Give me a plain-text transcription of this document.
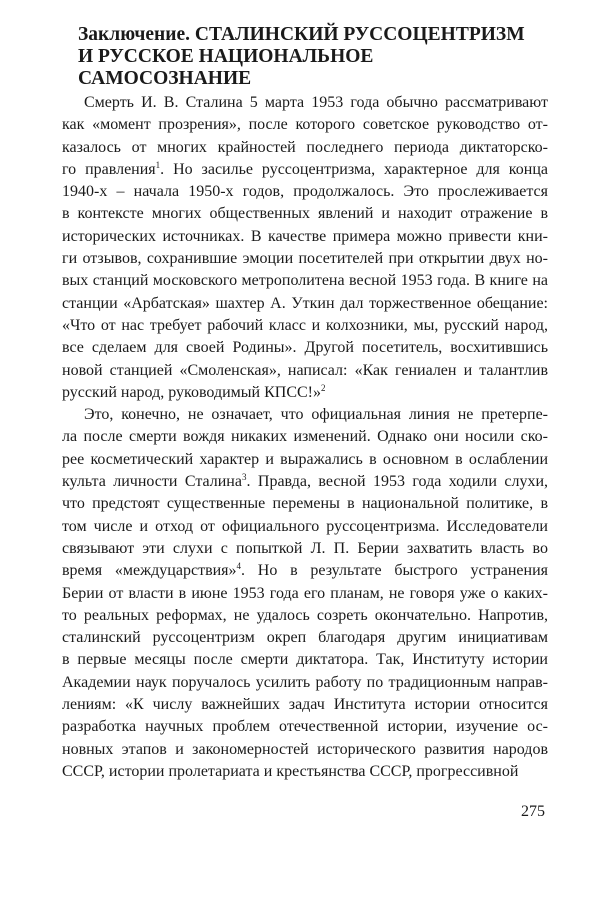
Заключение. СТАЛИНСКИЙ РУССОЦЕНТРИЗМ
И РУССКОЕ НАЦИОНАЛЬНОЕ САМОСОЗНАНИЕ
Смерть И. В. Сталина 5 марта 1953 года обычно рассматривают
как «момент прозрения», после которого советское руководство от-
казалось от многих крайностей последнего периода диктаторско-
го правления$^1$. Но засилье руссоцентризма, характерное для конца
1940-х – начала 1950-х годов, продолжалось. Это прослеживается
в контексте многих общественных явлений и находит отражение в
исторических источниках. В качестве примера можно привести кни-
ги отзывов, сохранившие эмоции посетителей при открытии двух но-
вых станций московского метрополитена весной 1953 года. В книге на
станции «Арбатская» шахтер А. Уткин дал торжественное обещание:
«Что от нас требует рабочий класс и колхозники, мы, русский народ,
все сделаем для своей Родины». Другой посетитель, восхитившись
новой станцией «Смоленская», написал: «Как гениален и талантлив
русский народ, руководимый КПСС!»$^2$
Это, конечно, не означает, что официальная линия не претерпе-
ла после смерти вождя никаких изменений. Однако они носили ско-
рее косметический характер и выражались в основном в ослаблении
культа личности Сталина$^3$. Правда, весной 1953 года ходили слухи,
что предстоят существенные перемены в национальной политике, в
том числе и отход от официального руссоцентризма. Исследователи
связывают эти слухи с попыткой Л. П. Берии захватить власть во
время «междуцарствия»$^4$. Но в результате быстрого устранения
Берии от власти в июне 1953 года его планам, не говоря уже о каких-
то реальных реформах, не удалось созреть окончательно. Напротив,
сталинский руссоцентризм окреп благодаря другим инициативам
в первые месяцы после смерти диктатора. Так, Институту истории
Академии наук поручалось усилить работу по традиционным направ-
лениям: «К числу важнейших задач Института истории относится
разработка научных проблем отечественной истории, изучение ос-
новных этапов и закономерностей исторического развития народов
СССР, истории пролетариата и крестьянства СССР, прогрессивной
275
